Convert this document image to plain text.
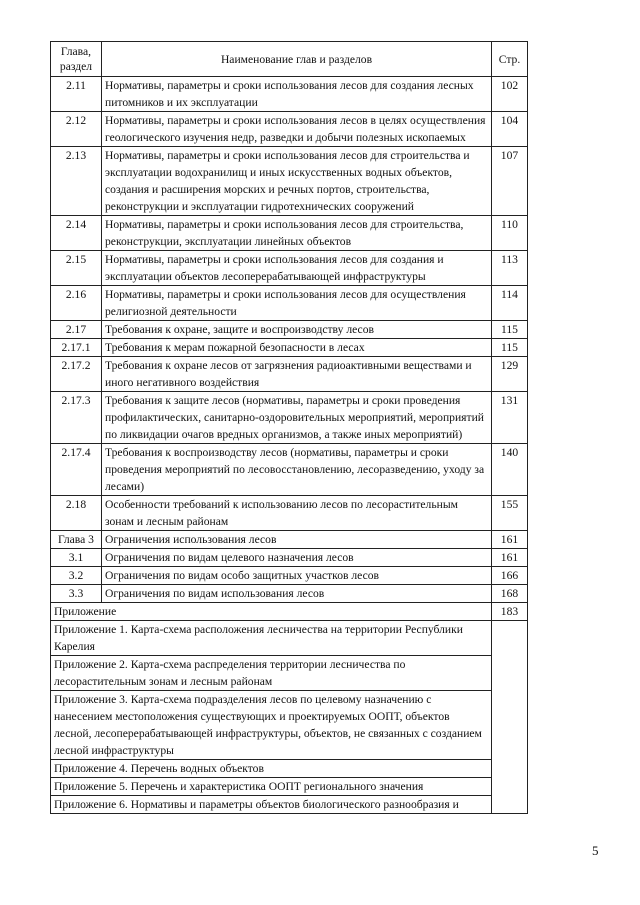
Глава, раздел	Наименование глав и разделов	Стр.
2.11	Нормативы, параметры и сроки использования лесов для создания лесных питомников и их эксплуатации	102
2.12	Нормативы, параметры и сроки использования лесов в целях осуществления геологического изучения недр, разведки и добычи полезных ископаемых	104
2.13	Нормативы, параметры и сроки использования лесов для строительства и эксплуатации водохранилищ и иных искусственных водных объектов, создания и расширения морских и речных портов, строительства, реконструкции и эксплуатации гидротехнических сооружений	107
2.14	Нормативы, параметры и сроки использования лесов для строительства, реконструкции, эксплуатации линейных объектов	110
2.15	Нормативы, параметры и сроки использования лесов для создания и эксплуатации объектов лесоперерабатывающей инфраструктуры	113
2.16	Нормативы, параметры и сроки использования лесов для осуществления религиозной деятельности	114
2.17	Требования к охране, защите и воспроизводству лесов	115
2.17.1	Требования к мерам пожарной безопасности в лесах	115
2.17.2	Требования к охране лесов от загрязнения радиоактивными веществами и иного негативного воздействия	129
2.17.3	Требования к защите лесов (нормативы, параметры и сроки проведения профилактических, санитарно-оздоровительных мероприятий, мероприятий по ликвидации очагов вредных организмов, а также иных мероприятий)	131
2.17.4	Требования к воспроизводству лесов (нормативы, параметры и сроки проведения мероприятий по лесовосстановлению, лесоразведению, уходу за лесами)	140
2.18	Особенности требований к использованию лесов по лесорастительным зонам и лесным районам	155
Глава 3	Ограничения использования лесов	161
3.1	Ограничения по видам целевого назначения лесов	161
3.2	Ограничения по видам особо защитных участков лесов	166
3.3	Ограничения по видам использования лесов	168
Приложение		183
Приложение 1. Карта-схема расположения лесничества на территории Республики Карелия		
Приложение 2. Карта-схема распределения территории лесничества по лесорастительным зонам и лесным районам		
Приложение 3. Карта-схема подразделения лесов по целевому назначению с нанесением местоположения существующих и проектируемых ООПТ, объектов лесной, лесоперерабатывающей инфраструктуры, объектов, не связанных с созданием лесной инфраструктуры		
Приложение 4. Перечень водных объектов		
Приложение 5. Перечень и характеристика ООПТ регионального значения		
Приложение 6. Нормативы и параметры объектов биологического разнообразия и		
5
